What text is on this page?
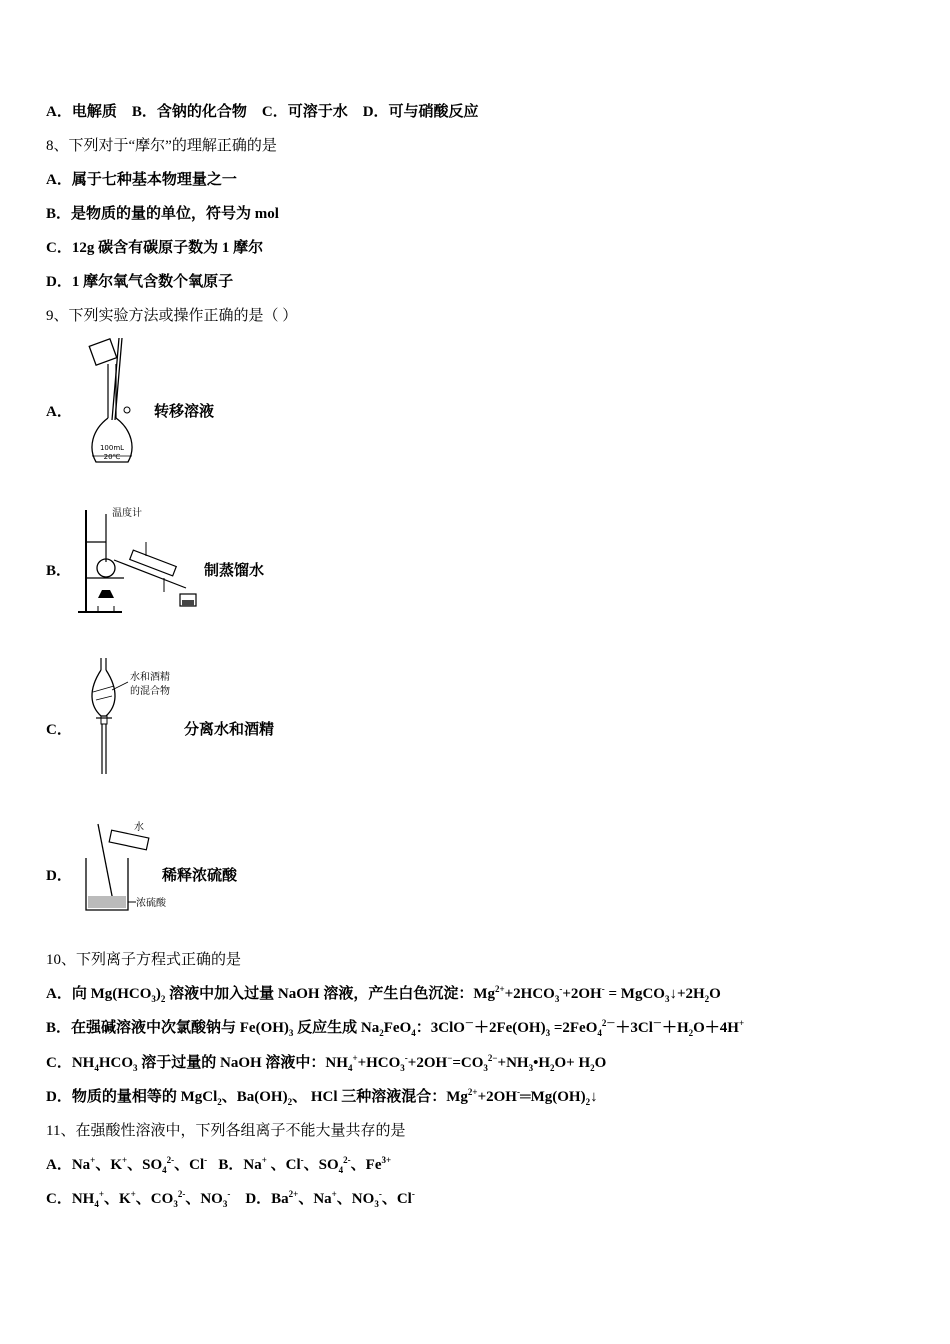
A．电解质 B．含钠的化合物 C．可溶于水 D．可与硝酸反应
8、下列对于“摩尔”的理解正确的是
A．属于七种基本物理量之一
B．是物质的量的单位，符号为 mol
C．12g 碳含有碳原子数为 1 摩尔
D．1 摩尔氧气含数个氧原子
9、下列实验方法或操作正确的是（ ）
A．
100mL
20℃
转移溶液
B．
温度计
制蒸馏水
C．
水和酒精
的混合物
分离水和酒精
D．
水
浓硫酸
稀释浓硫酸
10、下列离子方程式正确的是
A．向 $Mg(HCO_3)_2$ 溶液中加入过量 NaOH 溶液，产生白色沉淀：$Mg^{2+}+2HCO_3^-+2OH^-$ = $MgCO_3↓+2H_2O$
B．在强碱溶液中次氯酸钠与 $Fe(OH)_3$ 反应生成 $Na_2FeO_4$：$3ClO^-+2Fe(OH)_3 =2FeO_4^{2-}+3Cl^-+H_2O+4H^+$
C．$NH_4HCO_3$ 溶于过量的 NaOH 溶液中：$NH_4^++HCO_3^-+2OH^-=CO_3^{2-}+NH_3•H_2O+ H_2O$
D．物质的量相等的 MgCl$_2$、$Ba(OH)_2$、 HCl 三种溶液混合：$Mg^{2+}+2OH^-═Mg(OH)_2↓$
11、在强酸性溶液中，下列各组离子不能大量共存的是
A．Na+、K+、$SO_4^{2-}$、Cl-   B．Na+ 、Cl-、$SO_4^{2-}$、$Fe^{3+}$
C．$NH_4^+$、K+、$CO_3^{2-}$、$NO_3^-$    D．$Ba^{2+}$、Na+、$NO_3^-$、Cl-
